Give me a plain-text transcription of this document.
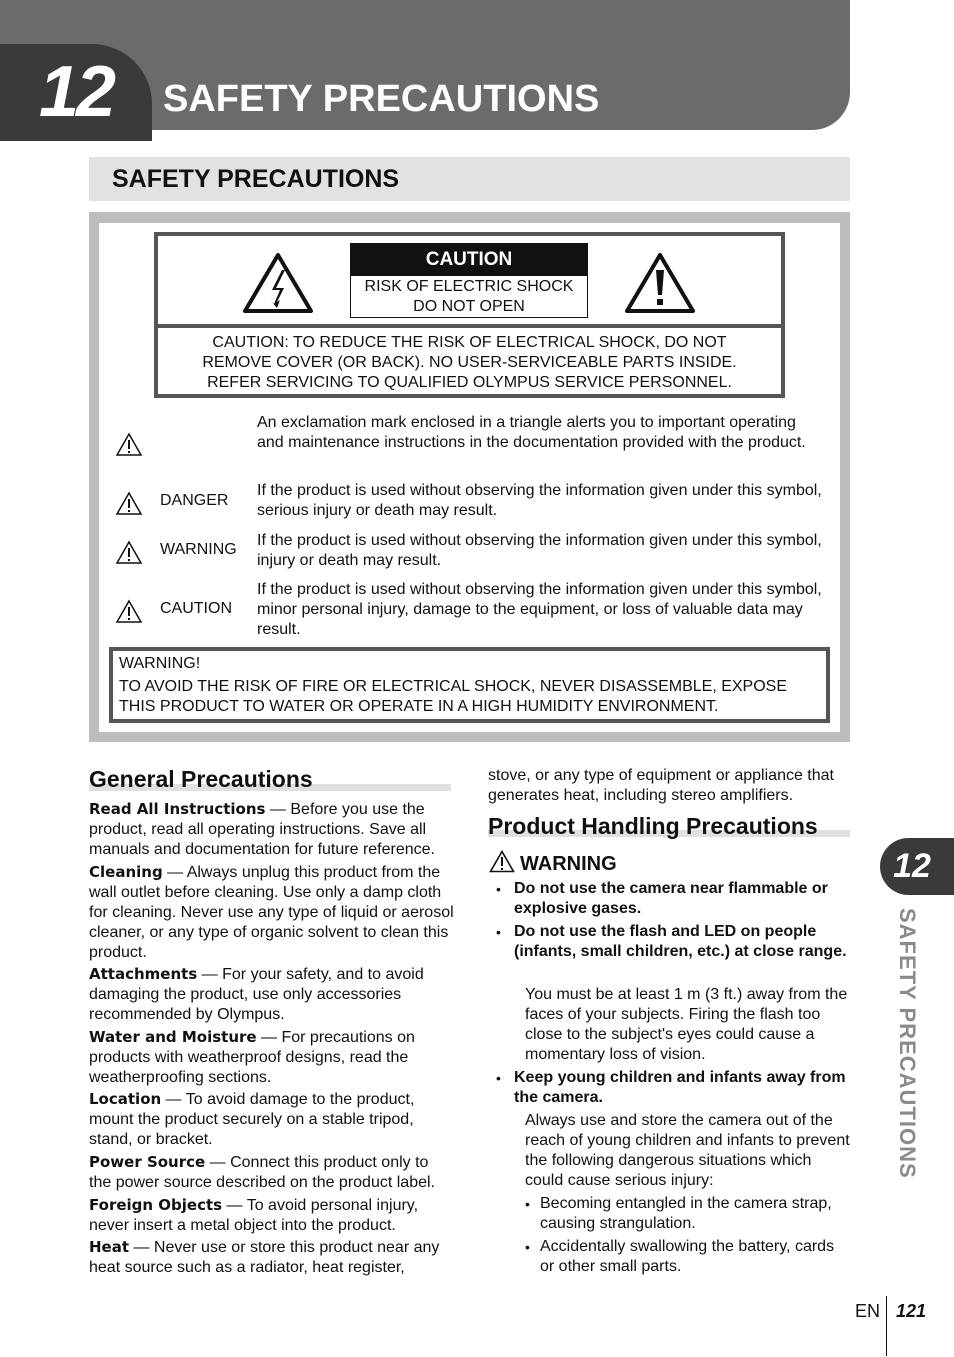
12	SAFETY PRECAUTIONS
SAFETY PRECAUTIONS
CAUTION
RISK OF ELECTRIC SHOCK
DO NOT OPEN
CAUTION: TO REDUCE THE RISK OF ELECTRICAL SHOCK, DO NOT
REMOVE COVER (OR BACK). NO USER-SERVICEABLE PARTS INSIDE.
REFER SERVICING TO QUALIFIED OLYMPUS SERVICE PERSONNEL.
An exclamation mark enclosed in a triangle alerts you to important operating and maintenance instructions in the documentation provided with the product.
DANGER
If the product is used without observing the information given under this symbol, serious injury or death may result.
WARNING
If the product is used without observing the information given under this symbol, injury or death may result.
CAUTION
If the product is used without observing the information given under this symbol, minor personal injury, damage to the equipment, or loss of valuable data may result.
WARNING!
TO AVOID THE RISK OF FIRE OR ELECTRICAL SHOCK, NEVER DISASSEMBLE, EXPOSE THIS PRODUCT TO WATER OR OPERATE IN A HIGH HUMIDITY ENVIRONMENT.
General Precautions
Read All Instructions — Before you use the product, read all operating instructions. Save all manuals and documentation for future reference.
Cleaning — Always unplug this product from the wall outlet before cleaning. Use only a damp cloth for cleaning. Never use any type of liquid or aerosol cleaner, or any type of organic solvent to clean this product.
Attachments — For your safety, and to avoid damaging the product, use only accessories recommended by Olympus.
Water and Moisture — For precautions on products with weatherproof designs, read the weatherproofing sections.
Location — To avoid damage to the product, mount the product securely on a stable tripod, stand, or bracket.
Power Source — Connect this product only to the power source described on the product label.
Foreign Objects — To avoid personal injury, never insert a metal object into the product.
Heat — Never use or store this product near any heat source such as a radiator, heat register,
stove, or any type of equipment or appliance that generates heat, including stereo amplifiers.
Product Handling Precautions
WARNING
• Do not use the camera near flammable or explosive gases.
• Do not use the flash and LED on people (infants, small children, etc.) at close range.
You must be at least 1 m (3 ft.) away from the faces of your subjects. Firing the flash too close to the subject's eyes could cause a momentary loss of vision.
• Keep young children and infants away from the camera.
Always use and store the camera out of the reach of young children and infants to prevent the following dangerous situations which could cause serious injury:
• Becoming entangled in the camera strap, causing strangulation.
• Accidentally swallowing the battery, cards or other small parts.
12
SAFETY PRECAUTIONS
EN 121
